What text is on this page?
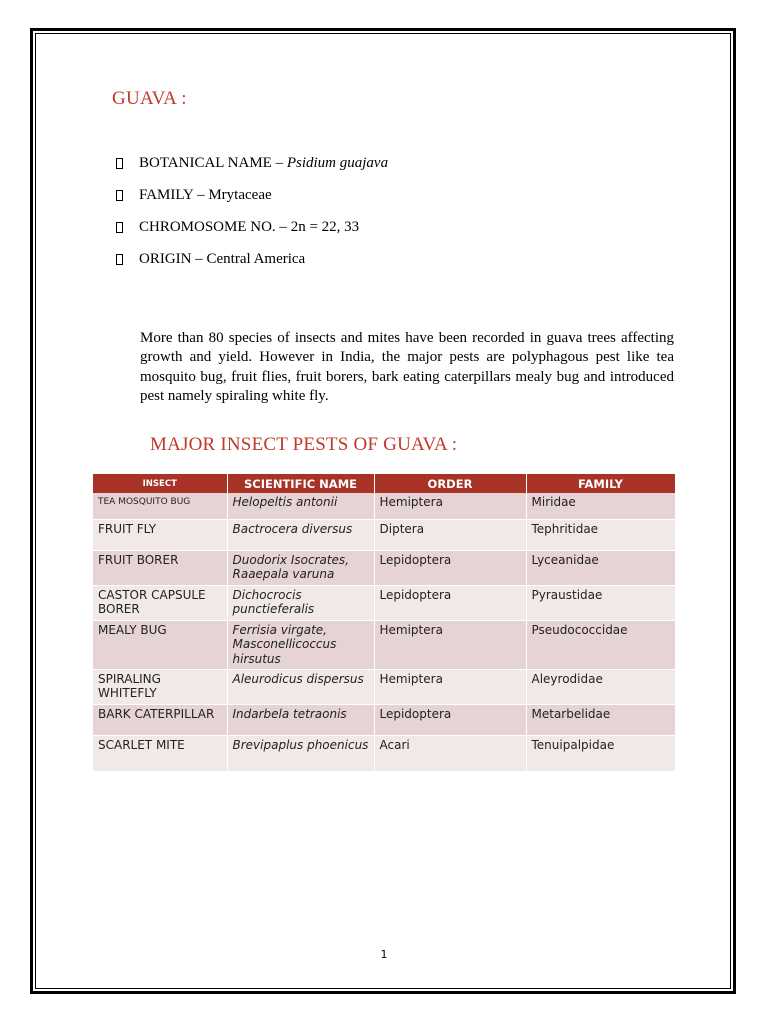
GUAVA :
BOTANICAL NAME –
Psidium guajava
FAMILY –
Mrytaceae
CHROMOSOME NO. –
2n = 22, 33
ORIGIN –
Central America

More than 80 species of insects and mites have been recorded in guava trees affecting growth and yield. However in India, the major pests are polyphagous pest like tea mosquito bug, fruit flies, fruit borers, bark eating caterpillars mealy bug and introduced pest namely spiraling white fly.

MAJOR INSECT PESTS OF GUAVA :
INSECT	SCIENTIFIC NAME	ORDER	FAMILY
TEA MOSQUITO BUG	Helopeltis antonii	Hemiptera	Miridae
FRUIT FLY	Bactrocera diversus	Diptera	Tephritidae
FRUIT BORER	Duodorix Isocrates, Raaepala varuna	Lepidoptera	Lyceanidae
CASTOR CAPSULE BORER	Dichocrocis punctieferalis	Lepidoptera	Pyraustidae
MEALY BUG	Ferrisia virgate, Masconellicoccus hirsutus	Hemiptera	Pseudococcidae
SPIRALING WHITEFLY	Aleurodicus dispersus	Hemiptera	Aleyrodidae
BARK CATERPILLAR	Indarbela tetraonis	Lepidoptera	Metarbelidae
SCARLET MITE	Brevipaplus phoenicus	Acari	Tenuipalpidae
1
